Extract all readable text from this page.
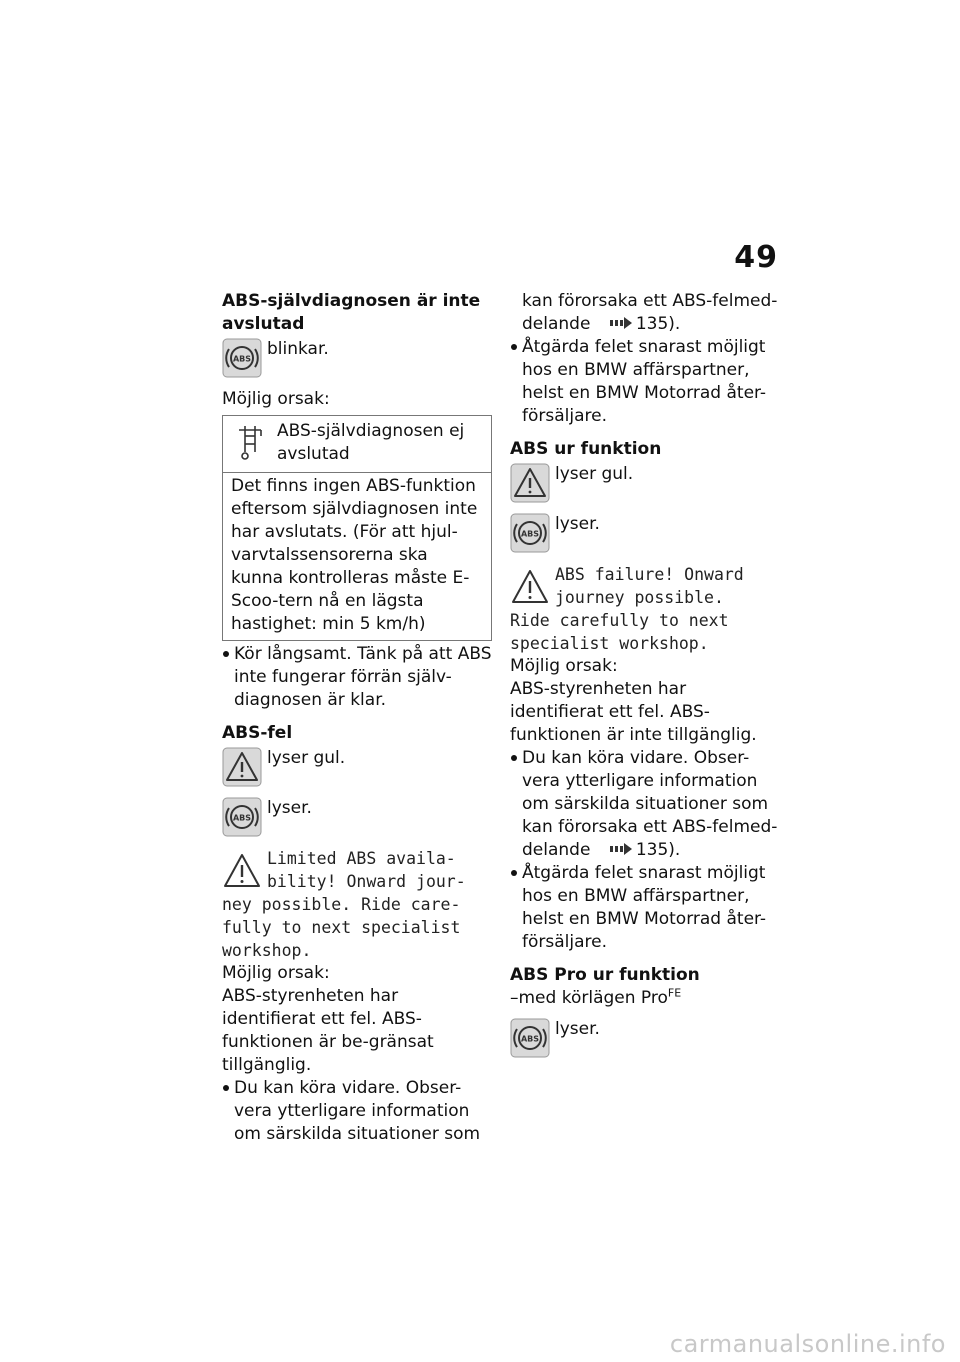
49
ABS-självdiagnosen är inte avslutad
ABS blinkar.

Möjlig orsak:

ABS-självdiagnosen ej avslutad
Det finns ingen ABS-funktion eftersom självdiagnosen inte har avslutats. (För att hjul-varvtalssensorerna ska kunna kontrolleras måste E-Scoo-tern nå en lägsta hastighet: min 5 km/h)
Kör långsamt. Tänk på att ABS inte fungerar förrän själv-diagnosen är klar.
ABS-fel
lyser gul.
ABS lyser.
Limited ABS availa-bility! Onward jour-
ney possible. Ride care-fully to next specialist workshop.

Möjlig orsak:

ABS-styrenheten har identifierat ett fel. ABS-funktionen är be-gränsat tillgänglig.

Du kan köra vidare. Obser-vera ytterligare information om särskilda situationer som
kan förorsaka ett ABS-felmed-delande	135).
Åtgärda felet snarast möjligt hos en BMW affärspartner, helst en BMW Motorrad åter-försäljare.
ABS ur funktion
lyser gul.
ABS lyser.
ABS failure! Onward journey possible.
Ride carefully to next specialist workshop.

Möjlig orsak:

ABS-styrenheten har identifierat ett fel. ABS-funktionen är inte tillgänglig.

Du kan köra vidare. Obser-vera ytterligare information om särskilda situationer som kan förorsaka ett ABS-felmed-delande	135).
Åtgärda felet snarast möjligt hos en BMW affärspartner, helst en BMW Motorrad åter-försäljare.
ABS Pro ur funktion

–med körlägen Pro$^{FE}$

ABS lyser.
carmanualsonline.info
